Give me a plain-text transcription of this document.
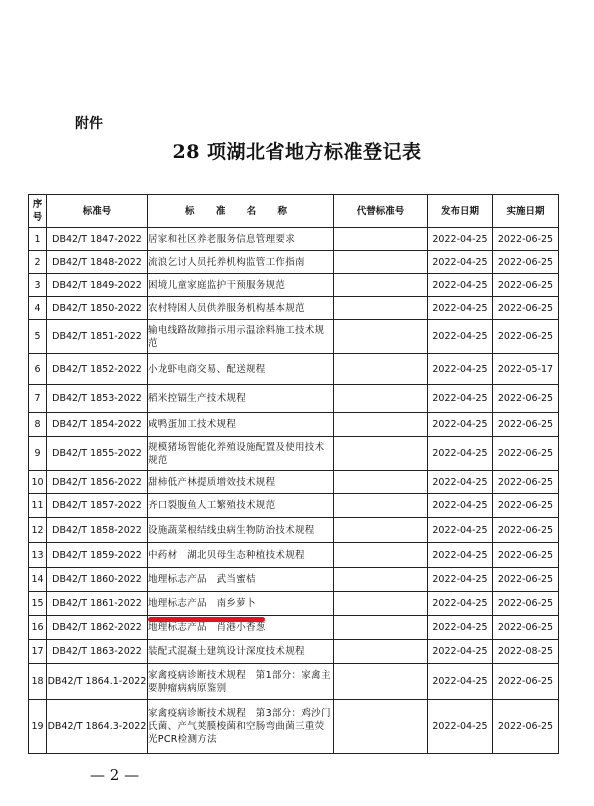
附件
28 项湖北省地方标准登记表
序号	标准号	标 准 名 称	代替标准号	发布日期	实施日期
1	DB42/T 1847-2022	居家和社区养老服务信息管理要求		2022-04-25	2022-06-25
2	DB42/T 1848-2022	流浪乞讨人员托养机构监管工作指南		2022-04-25	2022-06-25
3	DB42/T 1849-2022	困境儿童家庭监护干预服务规范		2022-04-25	2022-06-25
4	DB42/T 1850-2022	农村特困人员供养服务机构基本规范		2022-04-25	2022-06-25
5	DB42/T 1851-2022	输电线路故障指示用示温涂料施工技术规范		2022-04-25	2022-06-25
6	DB42/T 1852-2022	小龙虾电商交易、配送规程		2022-04-25	2022-05-17
7	DB42/T 1853-2022	稻米控镉生产技术规程		2022-04-25	2022-06-25
8	DB42/T 1854-2022	咸鸭蛋加工技术规程		2022-04-25	2022-06-25
9	DB42/T 1855-2022	规模猪场智能化养殖设施配置及使用技术规范		2022-04-25	2022-06-25
10	DB42/T 1856-2022	甜柿低产林提质增效技术规程		2022-04-25	2022-06-25
11	DB42/T 1857-2022	齐口裂腹鱼人工繁殖技术规范		2022-04-25	2022-06-25
12	DB42/T 1858-2022	设施蔬菜根结线虫病生物防治技术规程		2022-04-25	2022-06-25
13	DB42/T 1859-2022	中药材　湖北贝母生态种植技术规程		2022-04-25	2022-06-25
14	DB42/T 1860-2022	地理标志产品　武当蜜桔		2022-04-25	2022-06-25
15	DB42/T 1861-2022	地理标志产品　南乡萝卜		2022-04-25	2022-06-25
16	DB42/T 1862-2022	地理标志产品　肖港小香葱		2022-04-25	2022-06-25
17	DB42/T 1863-2022	装配式混凝土建筑设计深度技术规程		2022-04-25	2022-08-25
18	DB42/T 1864.1-2022	家禽疫病诊断技术规程　第1部分：家禽主要肿瘤病病原鉴别		2022-04-25	2022-06-25
19	DB42/T 1864.3-2022	家禽疫病诊断技术规程　第3部分：鸡沙门氏菌、产气荚膜梭菌和空肠弯曲菌三重荧光PCR检测方法		2022-04-25	2022-06-25
— 2 —
